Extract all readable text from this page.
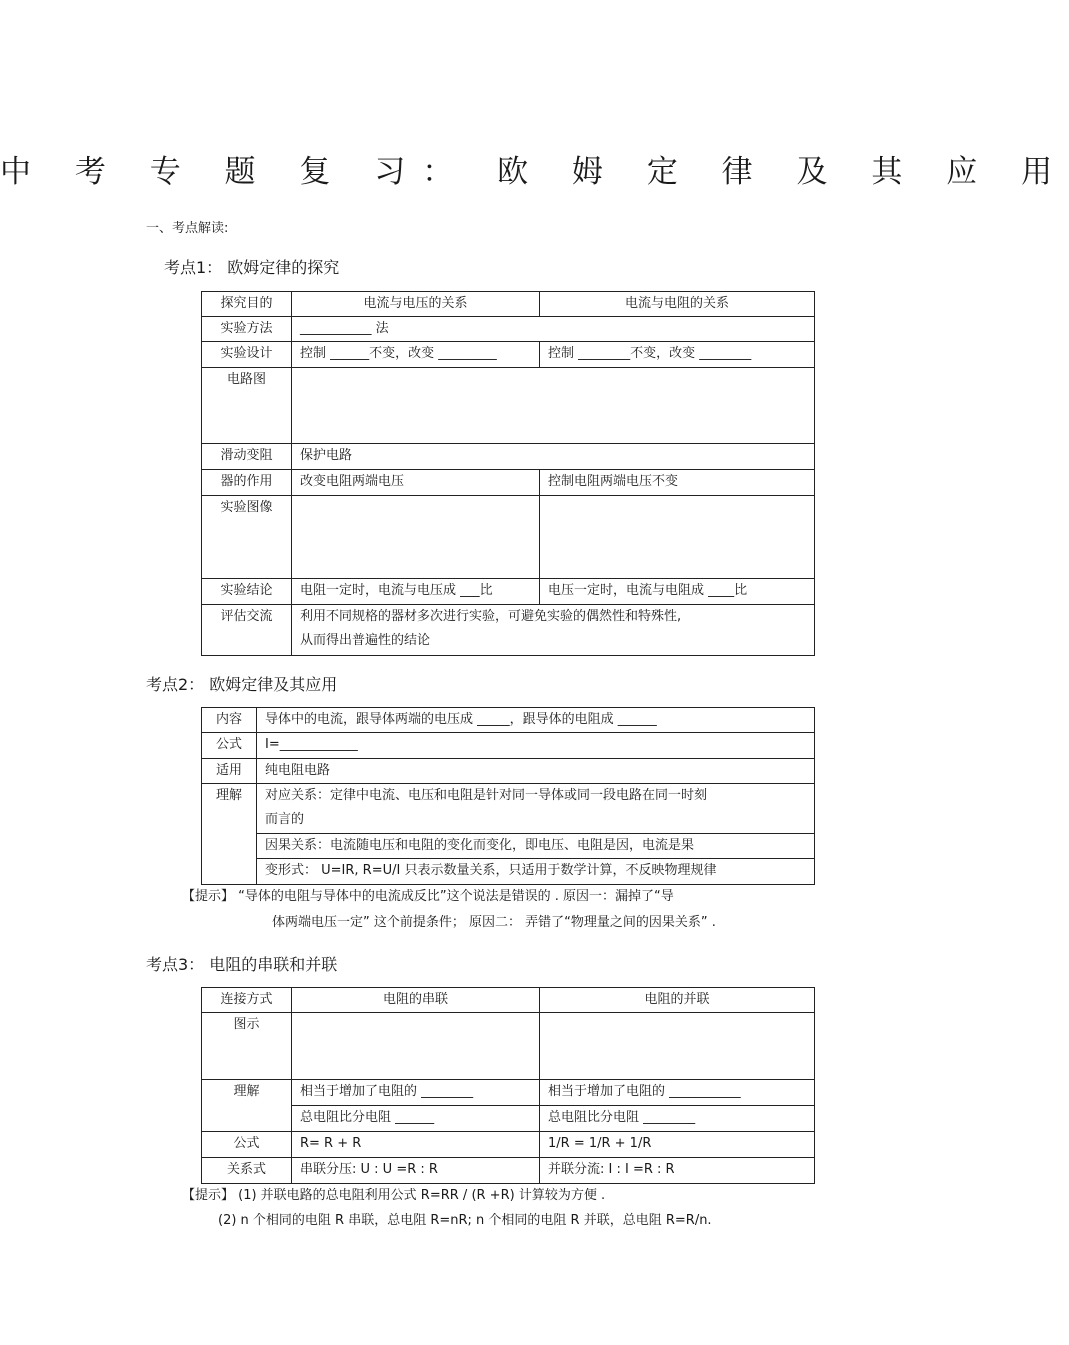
中 考 专 题 复 习： 欧 姆 定 律 及 其 应 用
一、考点解读:
考点1： 欧姆定律的探究
探究目的	电流与电压的关系	电流与电阻的关系
实验方法	___________ 法	
实验设计	控制 ______不变，改变 _________	控制 ________不变，改变 ________
电路图		
滑动变阻	保护电路	
器的作用	改变电阻两端电压	控制电阻两端电压不变
实验图像		
实验结论	电阻一定时，电流与电压成 ___比	电压一定时，电流与电阻成 ____比
评估交流	利用不同规格的器材多次进行实验，可避免实验的偶然性和特殊性,
从而得出普遍性的结论	
考点2： 欧姆定律及其应用
内容	导体中的电流，跟导体两端的电压成 _____，跟导体的电阻成 ______
公式	I=____________
适用	纯电阻电路
理解	对应关系：定律中电流、电压和电阻是针对同一导体或同一段电路在同一时刻
而言的

	因果关系：电流随电压和电阻的变化而变化，即电压、电阻是因，电流是果
	变形式： U=IR, R=U/I 只表示数量关系，只适用于数学计算，不反映物理规律
【提示】 “导体的电阻与导体中的电流成反比”这个说法是错误的 . 原因一：漏掉了“导
体两端电压一定” 这个前提条件； 原因二： 弄错了“物理量之间的因果关系” .
考点3： 电阻的串联和并联
连接方式	电阻的串联	电阻的并联
图示		
理解	相当于增加了电阻的 ________	相当于增加了电阻的 ___________
	总电阻比分电阻 ______	总电阻比分电阻 ________
公式	R= R + R	1/R = 1/R + 1/R
关系式	串联分压: U : U =R : R	并联分流: I : I =R : R
【提示】 (1) 并联电路的总电阻利用公式 R=RR / (R +R) 计算较为方便 .
(2) n 个相同的电阻 R 串联，总电阻 R=nR; n 个相同的电阻 R 并联，总电阻 R=R/n.
